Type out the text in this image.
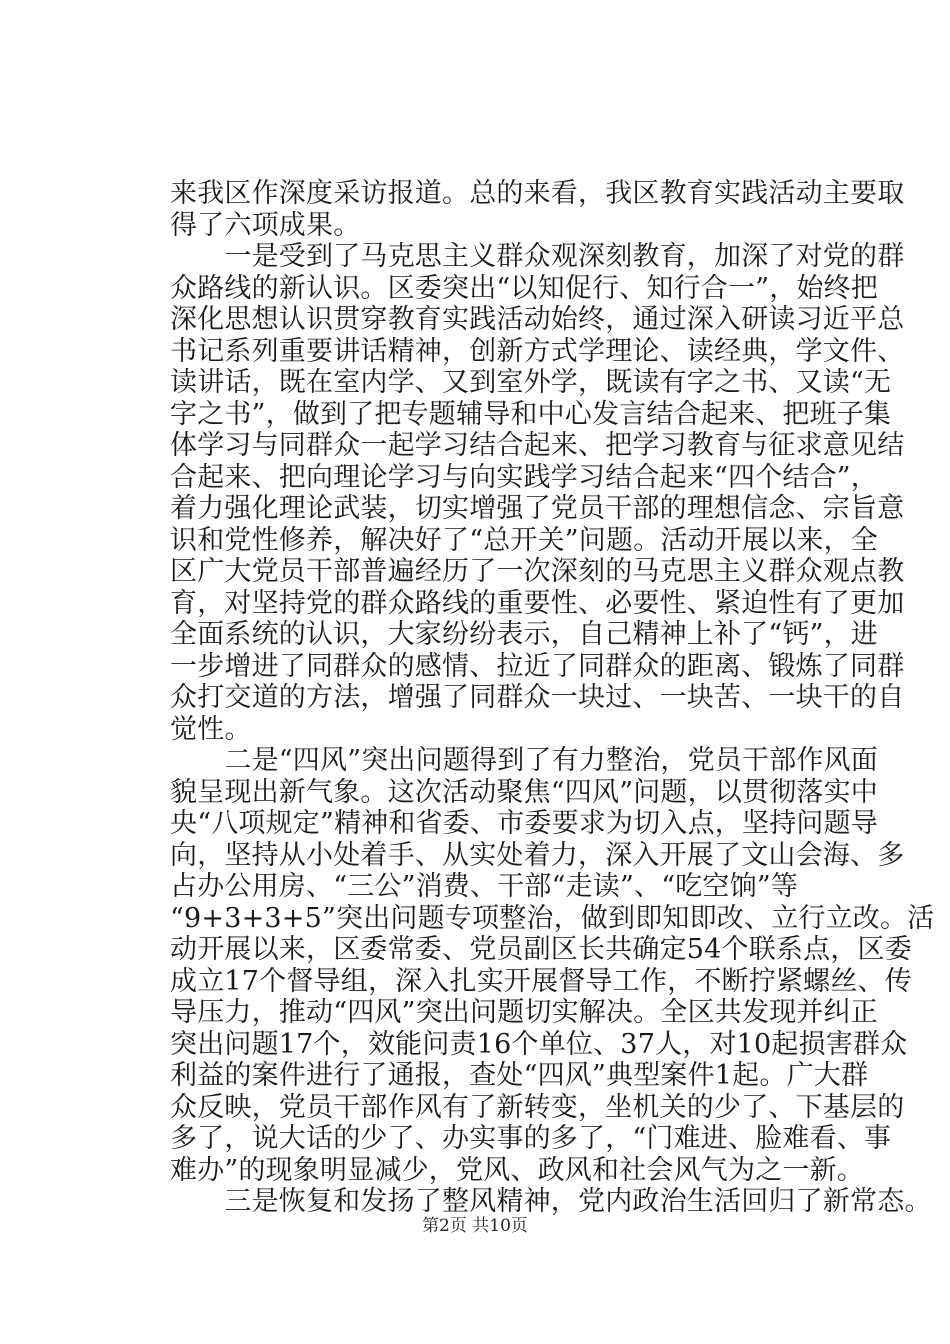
来我区作深度采访报道。总的来看，我区教育实践活动主要取
得了六项成果。
　　一是受到了马克思主义群众观深刻教育，加深了对党的群
众路线的新认识。区委突出“以知促行、知行合一”，始终把
深化思想认识贯穿教育实践活动始终，通过深入研读习近平总
书记系列重要讲话精神，创新方式学理论、读经典，学文件、
读讲话，既在室内学、又到室外学，既读有字之书、又读“无
字之书”，做到了把专题辅导和中心发言结合起来、把班子集
体学习与同群众一起学习结合起来、把学习教育与征求意见结
合起来、把向理论学习与向实践学习结合起来“四个结合”，
着力强化理论武装，切实增强了党员干部的理想信念、宗旨意
识和党性修养，解决好了“总开关”问题。活动开展以来，全
区广大党员干部普遍经历了一次深刻的马克思主义群众观点教
育，对坚持党的群众路线的重要性、必要性、紧迫性有了更加
全面系统的认识，大家纷纷表示，自己精神上补了“钙”，进
一步增进了同群众的感情、拉近了同群众的距离、锻炼了同群
众打交道的方法，增强了同群众一块过、一块苦、一块干的自
觉性。
　　二是“四风”突出问题得到了有力整治，党员干部作风面
貌呈现出新气象。这次活动聚焦“四风”问题，以贯彻落实中
央“八项规定”精神和省委、市委要求为切入点，坚持问题导
向，坚持从小处着手、从实处着力，深入开展了文山会海、多
占办公用房、“三公”消费、干部“走读”、“吃空饷”等
“9+3+3+5”突出问题专项整治，做到即知即改、立行立改。活
动开展以来，区委常委、党员副区长共确定54个联系点，区委
成立17个督导组，深入扎实开展督导工作，不断拧紧螺丝、传
导压力，推动“四风”突出问题切实解决。全区共发现并纠正
突出问题17个，效能问责16个单位、37人，对10起损害群众
利益的案件进行了通报，查处“四风”典型案件1起。广大群
众反映，党员干部作风有了新转变，坐机关的少了、下基层的
多了，说大话的少了、办实事的多了，“门难进、脸难看、事
难办”的现象明显减少，党风、政风和社会风气为之一新。
　　三是恢复和发扬了整风精神，党内政治生活回归了新常态。
第2页 共10页
